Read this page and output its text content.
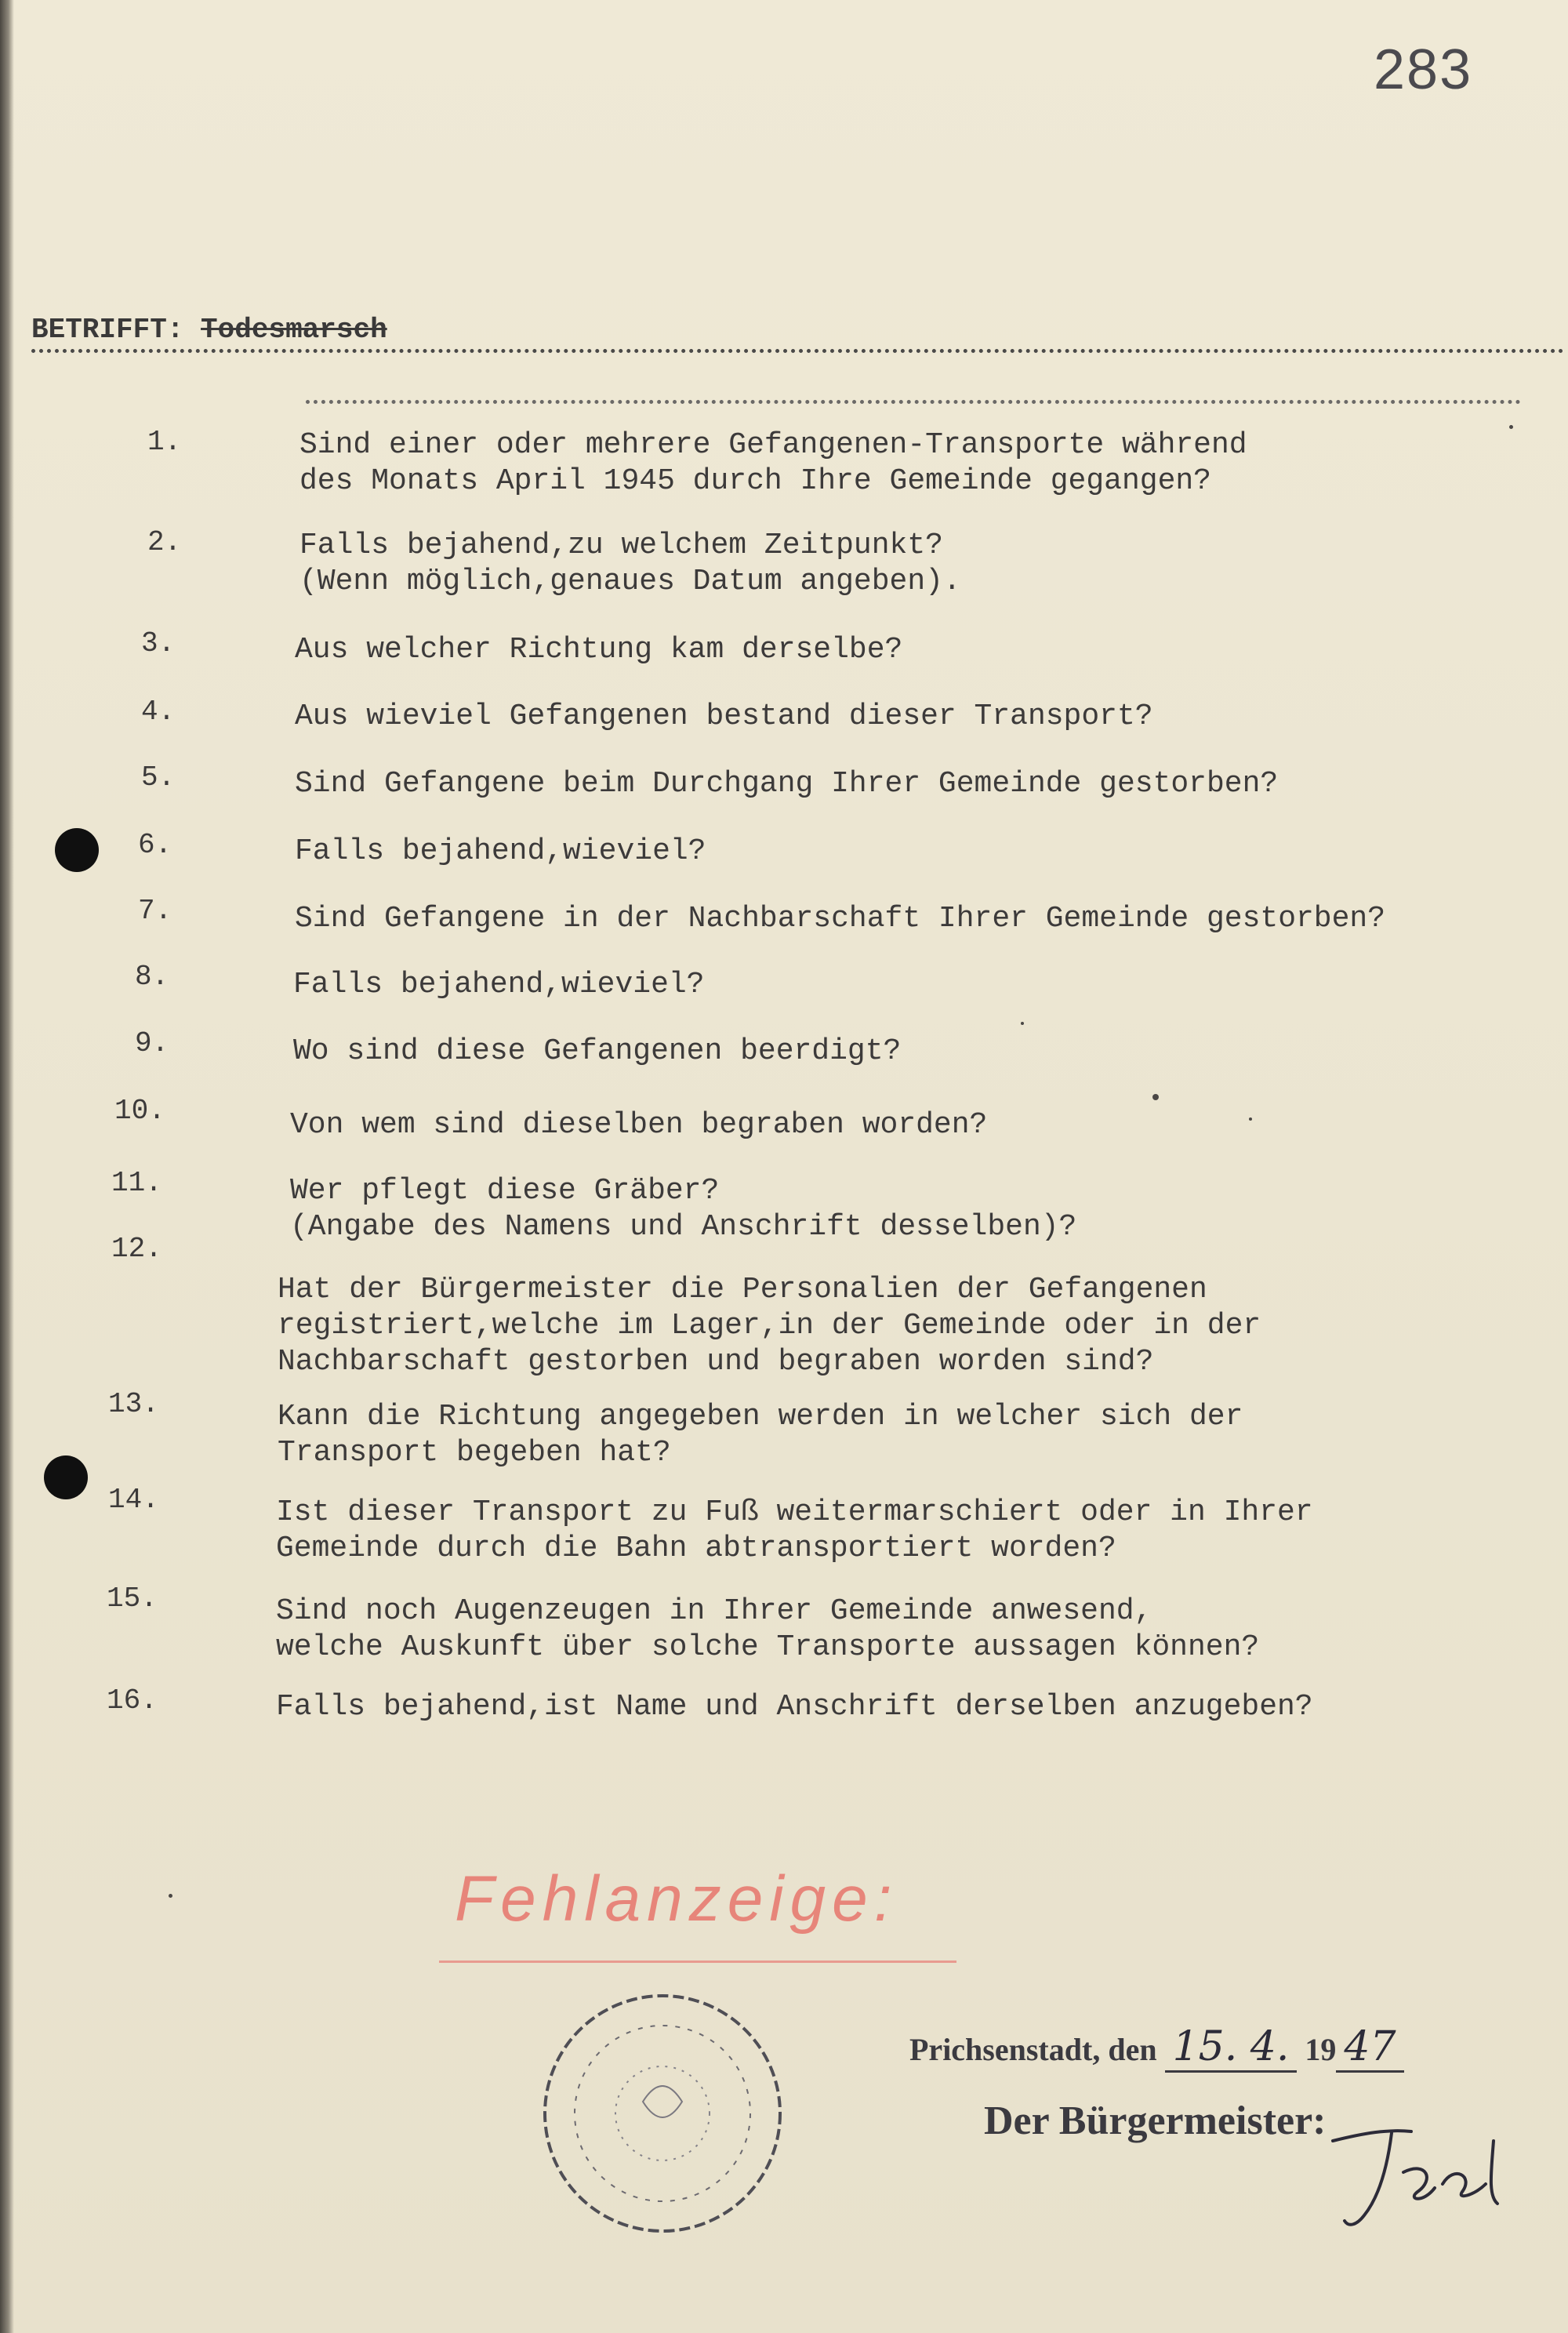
283
BETRIFFT: Todesmarsch
1.	Sind einer oder mehrere Gefangenen-Transporte während
des Monats April 1945 durch Ihre Gemeinde gegangen?
2.	Falls bejahend,zu welchem Zeitpunkt?
(Wenn möglich,genaues Datum angeben).
3.	Aus welcher Richtung kam derselbe?
4.	Aus wieviel Gefangenen bestand dieser Transport?
5.	Sind Gefangene beim Durchgang Ihrer Gemeinde gestorben?
6.	Falls bejahend,wieviel?
7.	Sind Gefangene in der Nachbarschaft Ihrer Gemeinde gestorben?
8.	Falls bejahend,wieviel?
9.	Wo sind diese Gefangenen beerdigt?
10.	Von wem sind dieselben begraben worden?
11.	Wer pflegt diese Gräber?
(Angabe des Namens und Anschrift desselben)?
12.
Hat der Bürgermeister die Personalien der Gefangenen
registriert,welche im Lager,in der Gemeinde oder in der
Nachbarschaft gestorben und begraben worden sind?
13.	Kann die Richtung angegeben werden in welcher sich der
Transport begeben hat?
14.	Ist dieser Transport zu Fuß weitermarschiert oder in Ihrer
Gemeinde durch die Bahn abtransportiert worden?
15.	Sind noch Augenzeugen in Ihrer Gemeinde anwesend,
welche Auskunft über solche Transporte aussagen können?
16.	Falls bejahend,ist Name und Anschrift derselben anzugeben?
Fehlanzeige:
Prichsenstadt, den 15. 4. 19 47
Der Bürgermeister:
